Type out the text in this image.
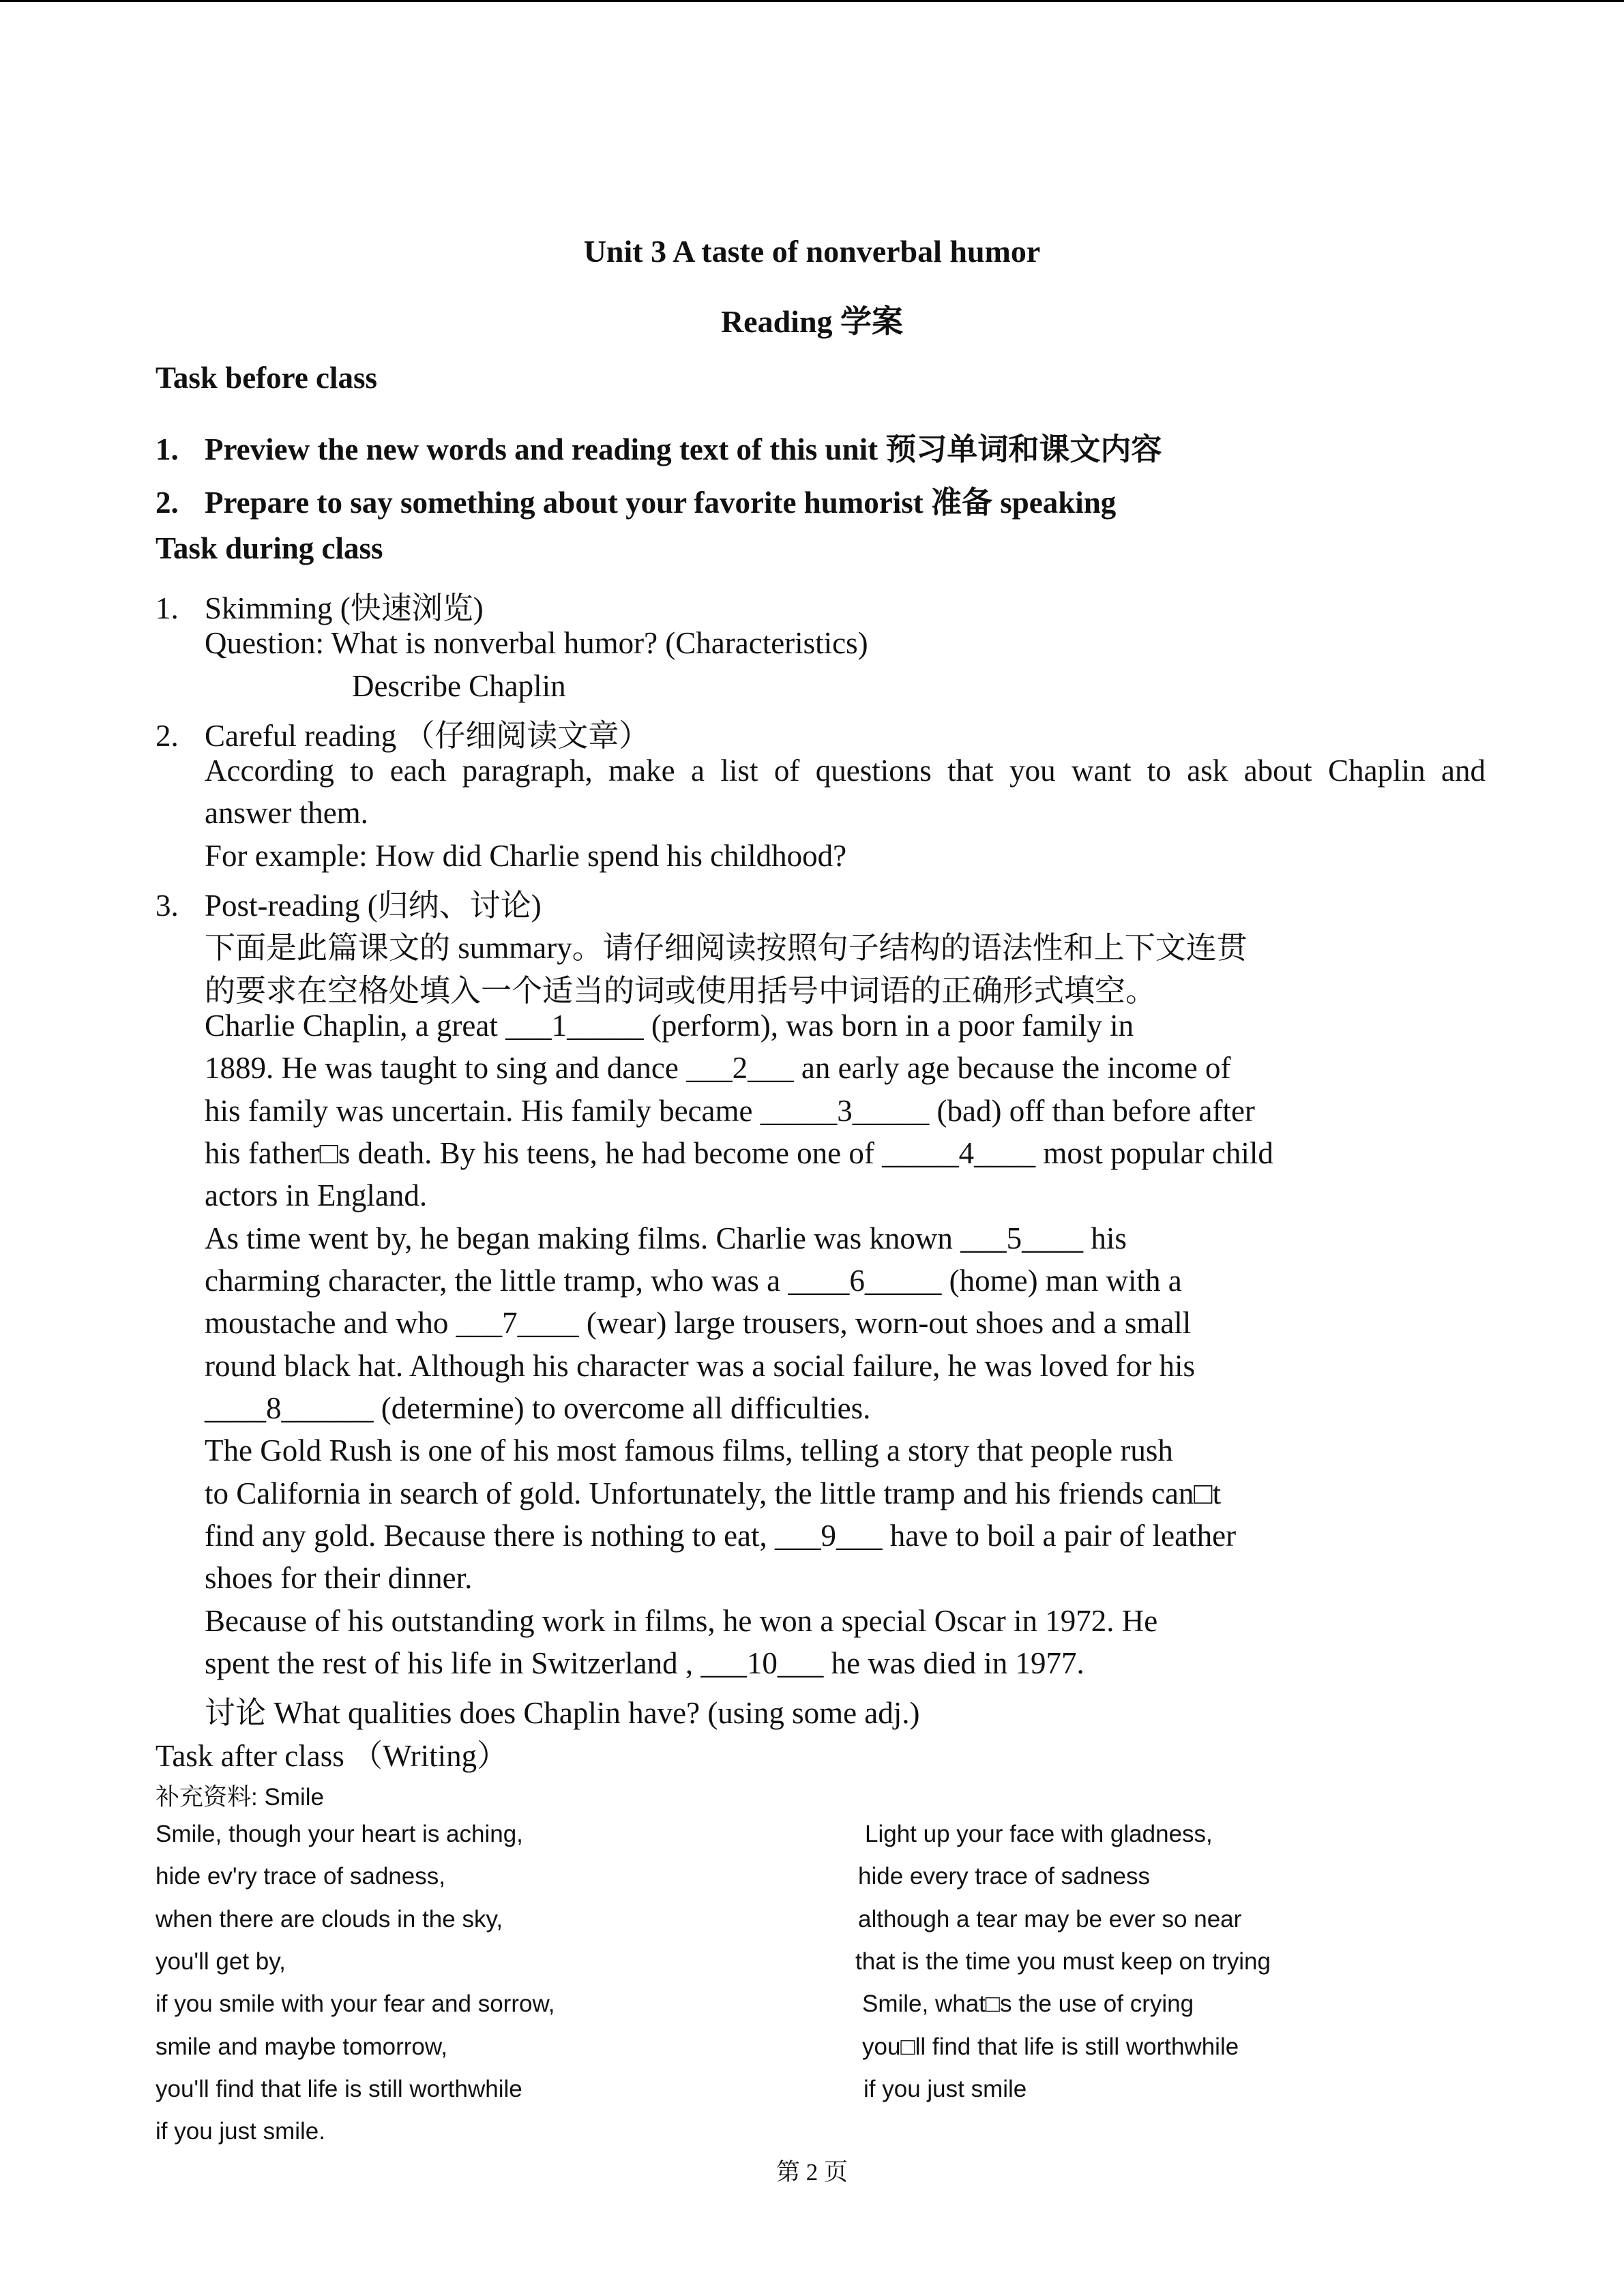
Unit 3 A taste of nonverbal humor
Reading 学案
Task before class
1. Preview the new words and reading text of this unit 预习单词和课文内容
2. Prepare to say something about your favorite humorist 准备 speaking
Task during class
1. Skimming (快速浏览)
Question: What is nonverbal humor? (Characteristics)
Describe Chaplin
2. Careful reading （仔细阅读文章）
According to each paragraph, make a list of questions that you want to ask about Chaplin and
answer them.
For example: How did Charlie spend his childhood?
3. Post-reading (归纳、讨论)
下面是此篇课文的 summary。请仔细阅读按照句子结构的语法性和上下文连贯
的要求在空格处填入一个适当的词或使用括号中词语的正确形式填空。
Charlie Chaplin, a great ___1_____ (perform), was born in a poor family in
1889. He was taught to sing and dance ___2___ an early age because the income of
his family was uncertain. His family became _____3_____ (bad) off than before after
his father□s death. By his teens, he had become one of _____4____ most popular child
actors in England.
As time went by, he began making films. Charlie was known ___5____ his
charming character, the little tramp, who was a ____6_____ (home) man with a
moustache and who ___7____ (wear) large trousers, worn-out shoes and a small
round black hat. Although his character was a social failure, he was loved for his
____8______ (determine) to overcome all difficulties.
The Gold Rush is one of his most famous films, telling a story that people rush
to California in search of gold. Unfortunately, the little tramp and his friends can□t
find any gold. Because there is nothing to eat, ___9___ have to boil a pair of leather
shoes for their dinner.
Because of his outstanding work in films, he won a special Oscar in 1972. He
spent the rest of his life in Switzerland , ___10___ he was died in 1977.
讨论 What qualities does Chaplin have? (using some adj.)
Task after class （Writing）
补充资料: Smile
Smile, though your heart is aching,
hide ev'ry trace of sadness,
when there are clouds in the sky,
you'll get by,
if you smile with your fear and sorrow,
smile and maybe tomorrow,
you'll find that life is still worthwhile
if you just smile.
Light up your face with gladness,
hide every trace of sadness
although a tear may be ever so near
that is the time you must keep on trying
Smile, what□s the use of crying
you□ll find that life is still worthwhile
if you just smile
第 2 页
